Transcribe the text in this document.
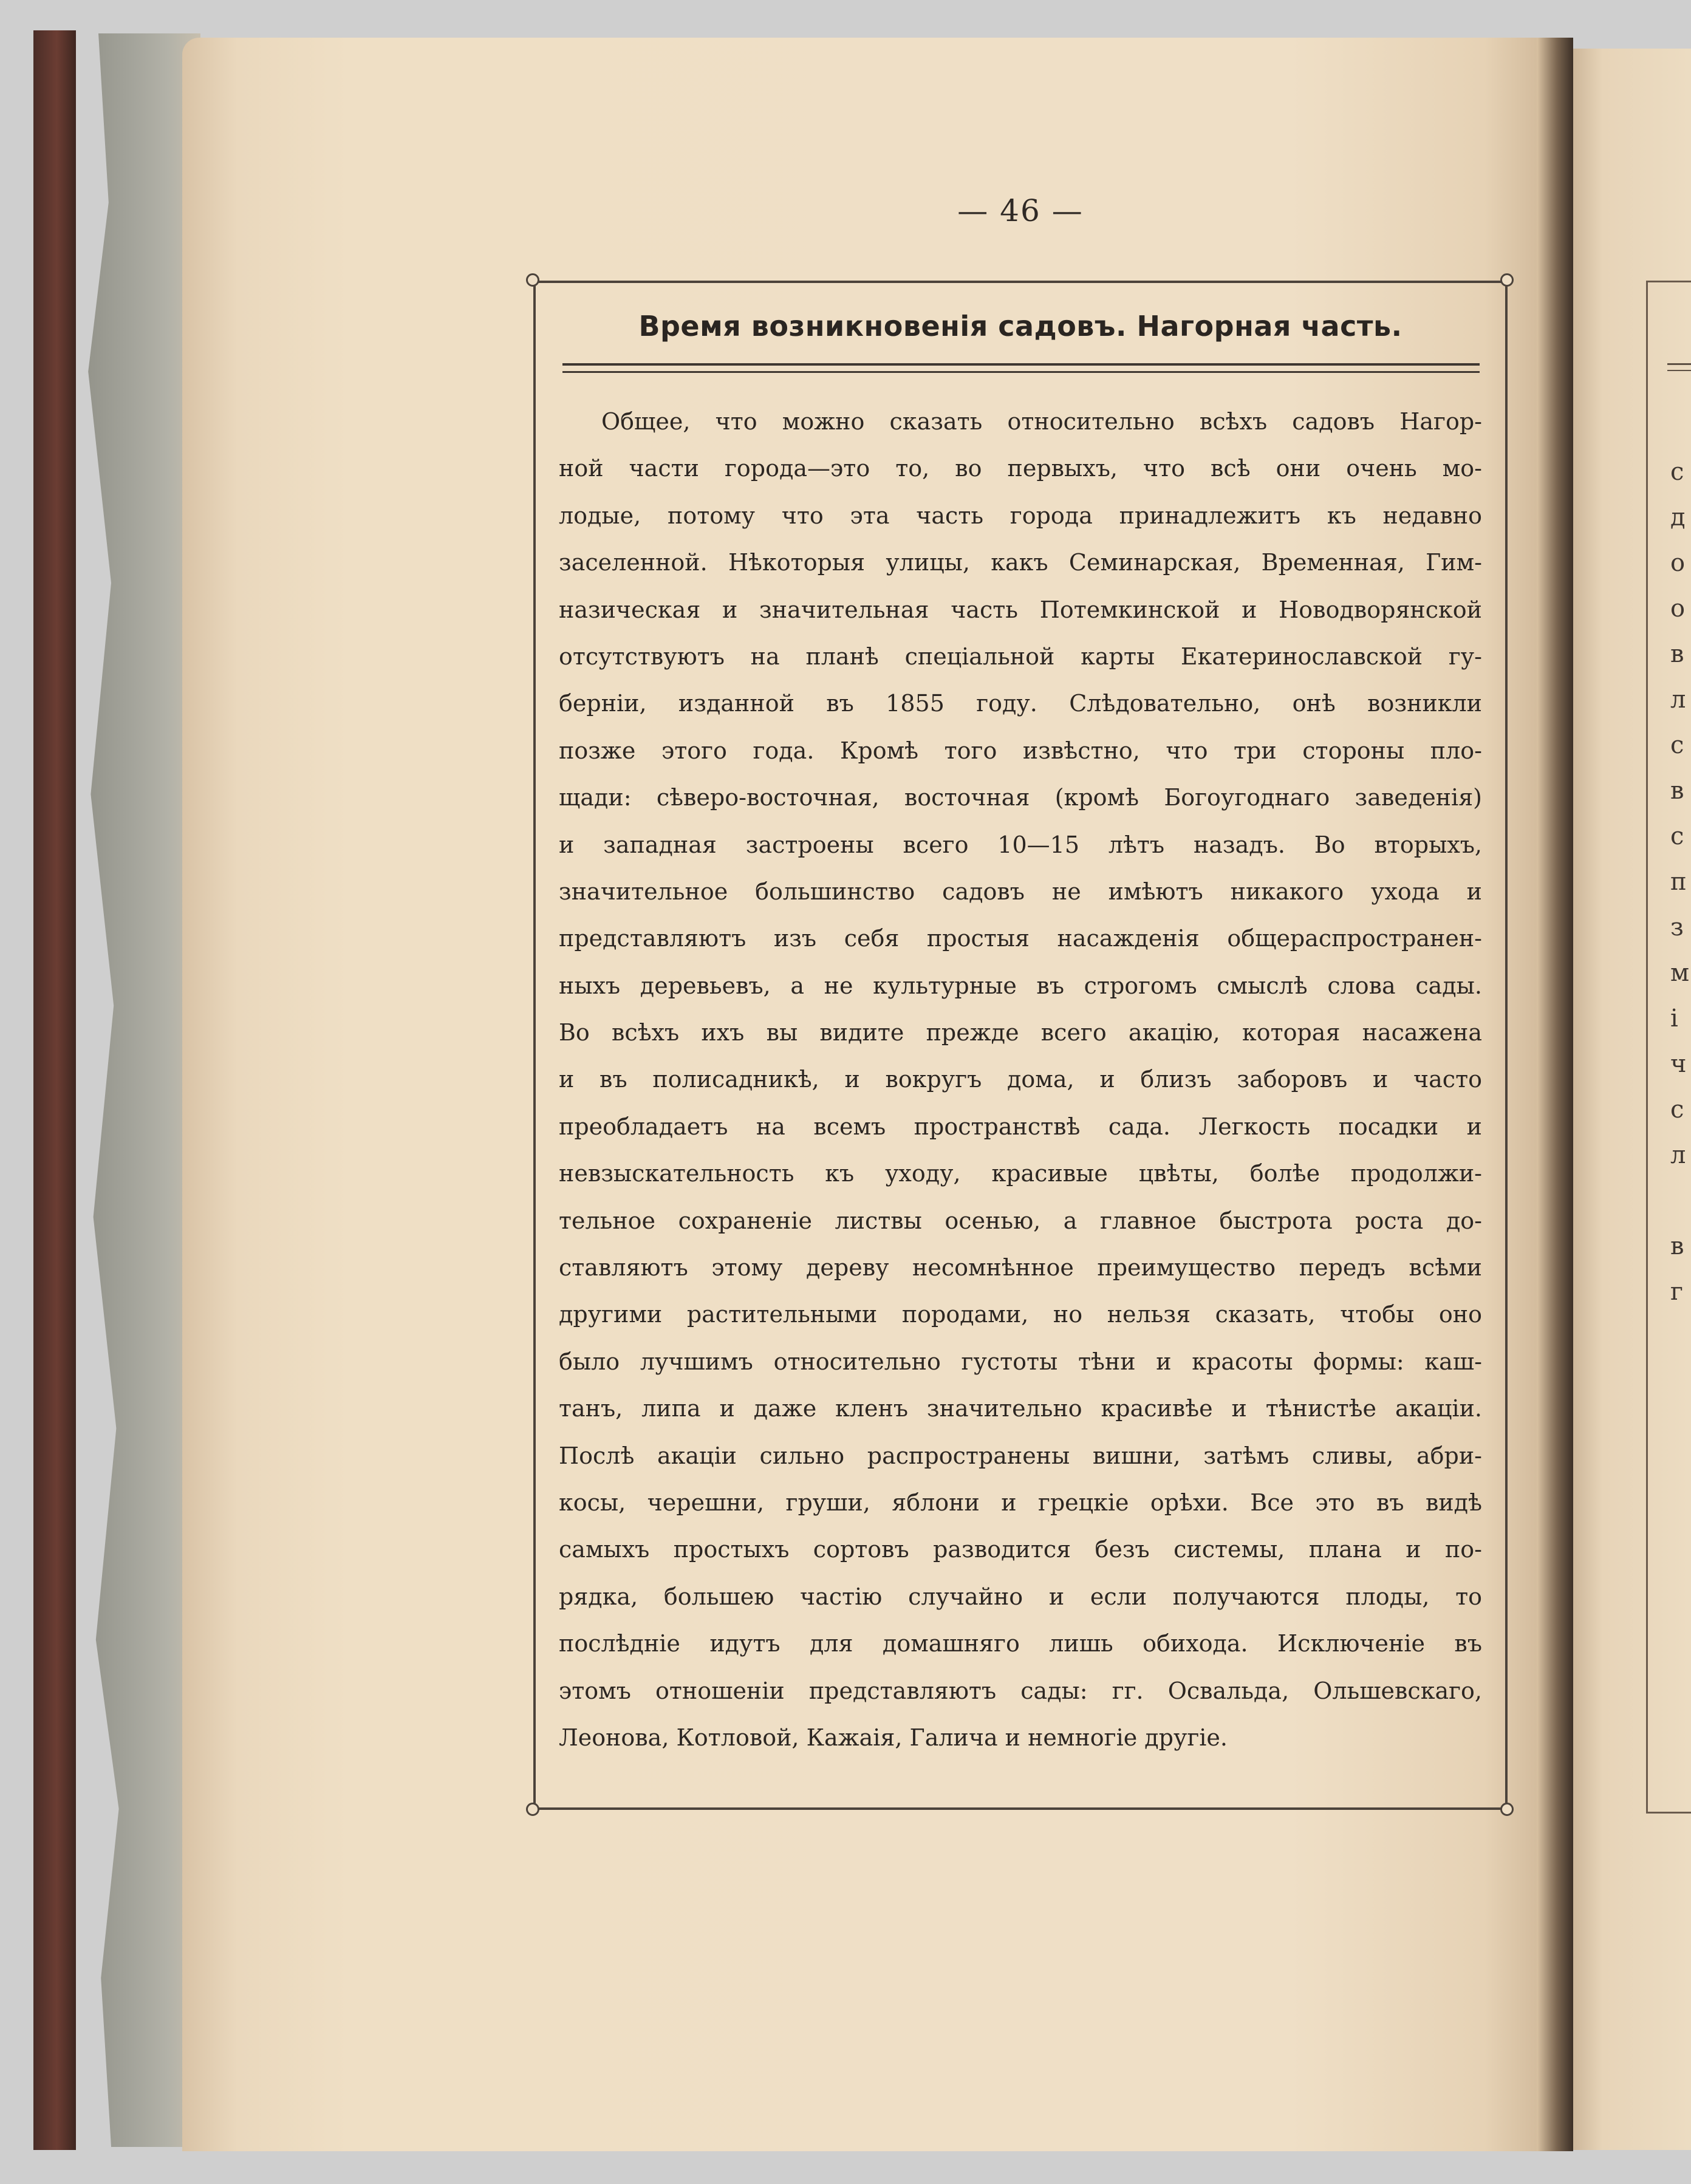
с
д
о
о
в
л
с
в
с
п
з
м
і
ч
с
л
в
г
— 46 —
Время возникновенія садовъ. Нагорная часть.
Общее, что можно сказать относительно всѣхъ садовъ Нагор-
ной части города—это то, во первыхъ, что всѣ они очень мо-
лодые, потому что эта часть города принадлежитъ къ недавно
заселенной. Нѣкоторыя улицы, какъ Семинарская, Временная, Гим-
назическая и значительная часть Потемкинской и Новодворянской
отсутствуютъ на планѣ спеціальной карты Екатеринославской гу-
берніи, изданной въ 1855 году. Слѣдовательно, онѣ возникли
позже этого года. Кромѣ того извѣстно, что три стороны пло-
щади: сѣверо-восточная, восточная (кромѣ Богоугоднаго заведенія)
и западная застроены всего 10—15 лѣтъ назадъ. Во вторыхъ,
значительное большинство садовъ не имѣютъ никакого ухода и
представляютъ изъ себя простыя насажденія общераспространен-
ныхъ деревьевъ, а не культурные въ строгомъ смыслѣ слова сады.
Во всѣхъ ихъ вы видите прежде всего акацію, которая насажена
и въ полисадникѣ, и вокругъ дома, и близъ заборовъ и часто
преобладаетъ на всемъ пространствѣ сада. Легкость посадки и
невзыскательность къ уходу, красивые цвѣты, болѣе продолжи-
тельное сохраненіе листвы осенью, а главное быстрота роста до-
ставляютъ этому дереву несомнѣнное преимущество передъ всѣми
другими растительными породами, но нельзя сказать, чтобы оно
было лучшимъ относительно густоты тѣни и красоты формы: каш-
танъ, липа и даже кленъ значительно красивѣе и тѣнистѣе акаціи.
Послѣ акаціи сильно распространены вишни, затѣмъ сливы, абри-
косы, черешни, груши, яблони и грецкіе орѣхи. Все это въ видѣ
самыхъ простыхъ сортовъ разводится безъ системы, плана и по-
рядка, большею частію случайно и если получаются плоды, то
послѣдніе идутъ для домашняго лишь обихода. Исключеніе въ
этомъ отношеніи представляютъ сады: гг. Освальда, Ольшевскаго,
Леонова, Котловой, Кажаія, Галича и немногіе другіе.
